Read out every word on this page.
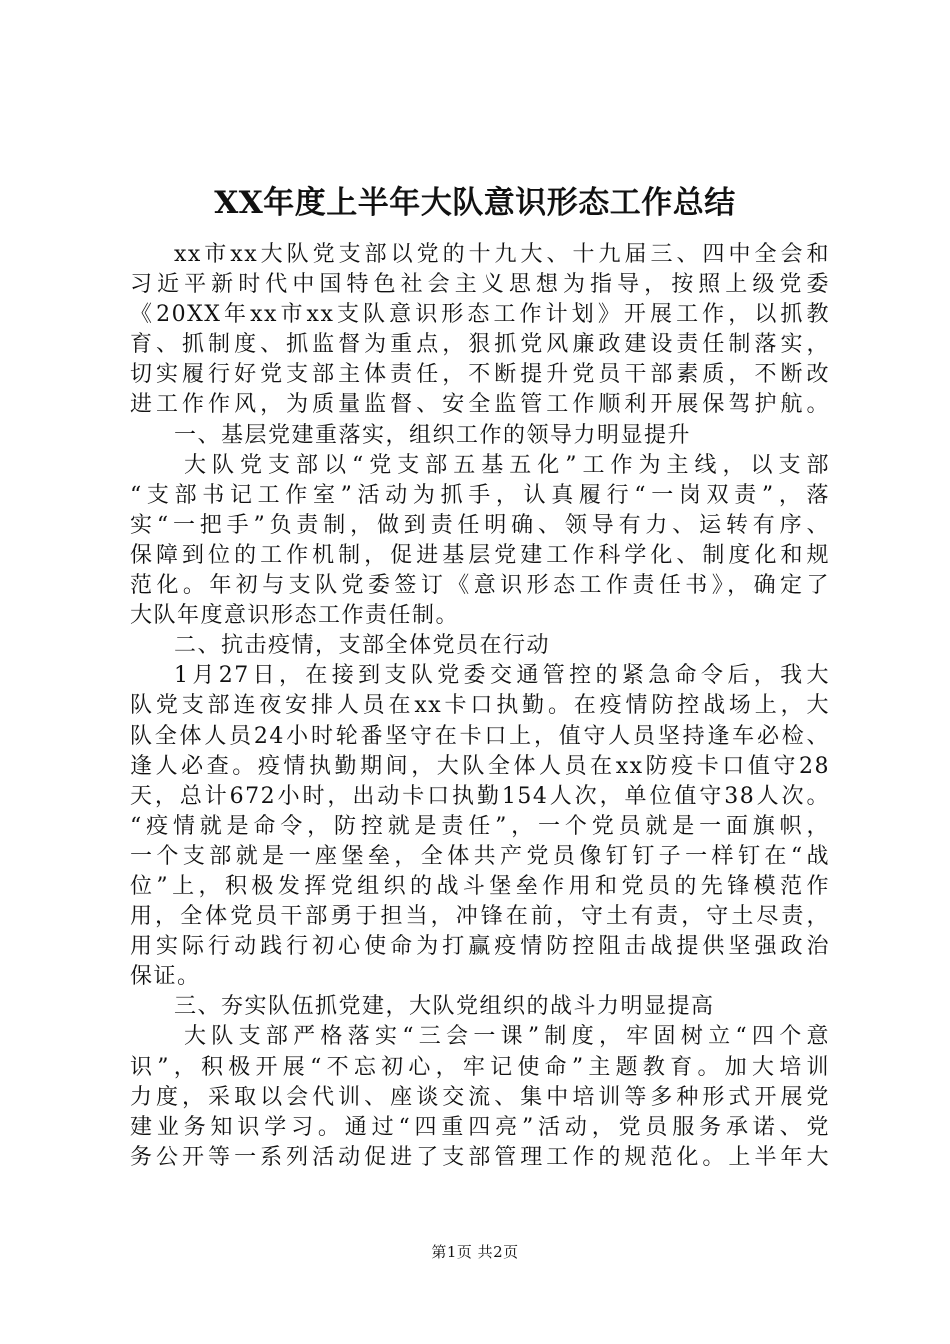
XX年度上半年大队意识形态工作总结
xx市xx大队党支部以党的十九大、十九届三、四中全会和
习近平新时代中国特色社会主义思想为指导，按照上级党委
《20XX年xx市xx支队意识形态工作计划》开展工作，以抓教
育、抓制度、抓监督为重点，狠抓党风廉政建设责任制落实，
切实履行好党支部主体责任，不断提升党员干部素质，不断改
进工作作风，为质量监督、安全监管工作顺利开展保驾护航。
一、基层党建重落实，组织工作的领导力明显提升
大队党支部以“党支部五基五化”工作为主线，以支部
“支部书记工作室”活动为抓手，认真履行“一岗双责”，落
实“一把手”负责制，做到责任明确、领导有力、运转有序、
保障到位的工作机制，促进基层党建工作科学化、制度化和规
范化。年初与支队党委签订《意识形态工作责任书》，确定了
大队年度意识形态工作责任制。
二、抗击疫情，支部全体党员在行动
1月27日，在接到支队党委交通管控的紧急命令后，我大
队党支部连夜安排人员在xx卡口执勤。在疫情防控战场上，大
队全体人员24小时轮番坚守在卡口上，值守人员坚持逢车必检、
逢人必查。疫情执勤期间，大队全体人员在xx防疫卡口值守28
天，总计672小时，出动卡口执勤154人次，单位值守38人次。
“疫情就是命令，防控就是责任”，一个党员就是一面旗帜，
一个支部就是一座堡垒，全体共产党员像钉钉子一样钉在“战
位”上，积极发挥党组织的战斗堡垒作用和党员的先锋模范作
用，全体党员干部勇于担当，冲锋在前，守土有责，守土尽责，
用实际行动践行初心使命为打赢疫情防控阻击战提供坚强政治
保证。
三、夯实队伍抓党建，大队党组织的战斗力明显提高
大队支部严格落实“三会一课”制度，牢固树立“四个意
识”，积极开展“不忘初心，牢记使命”主题教育。加大培训
力度，采取以会代训、座谈交流、集中培训等多种形式开展党
建业务知识学习。通过“四重四亮”活动，党员服务承诺、党
务公开等一系列活动促进了支部管理工作的规范化。上半年大
第1页 共2页
